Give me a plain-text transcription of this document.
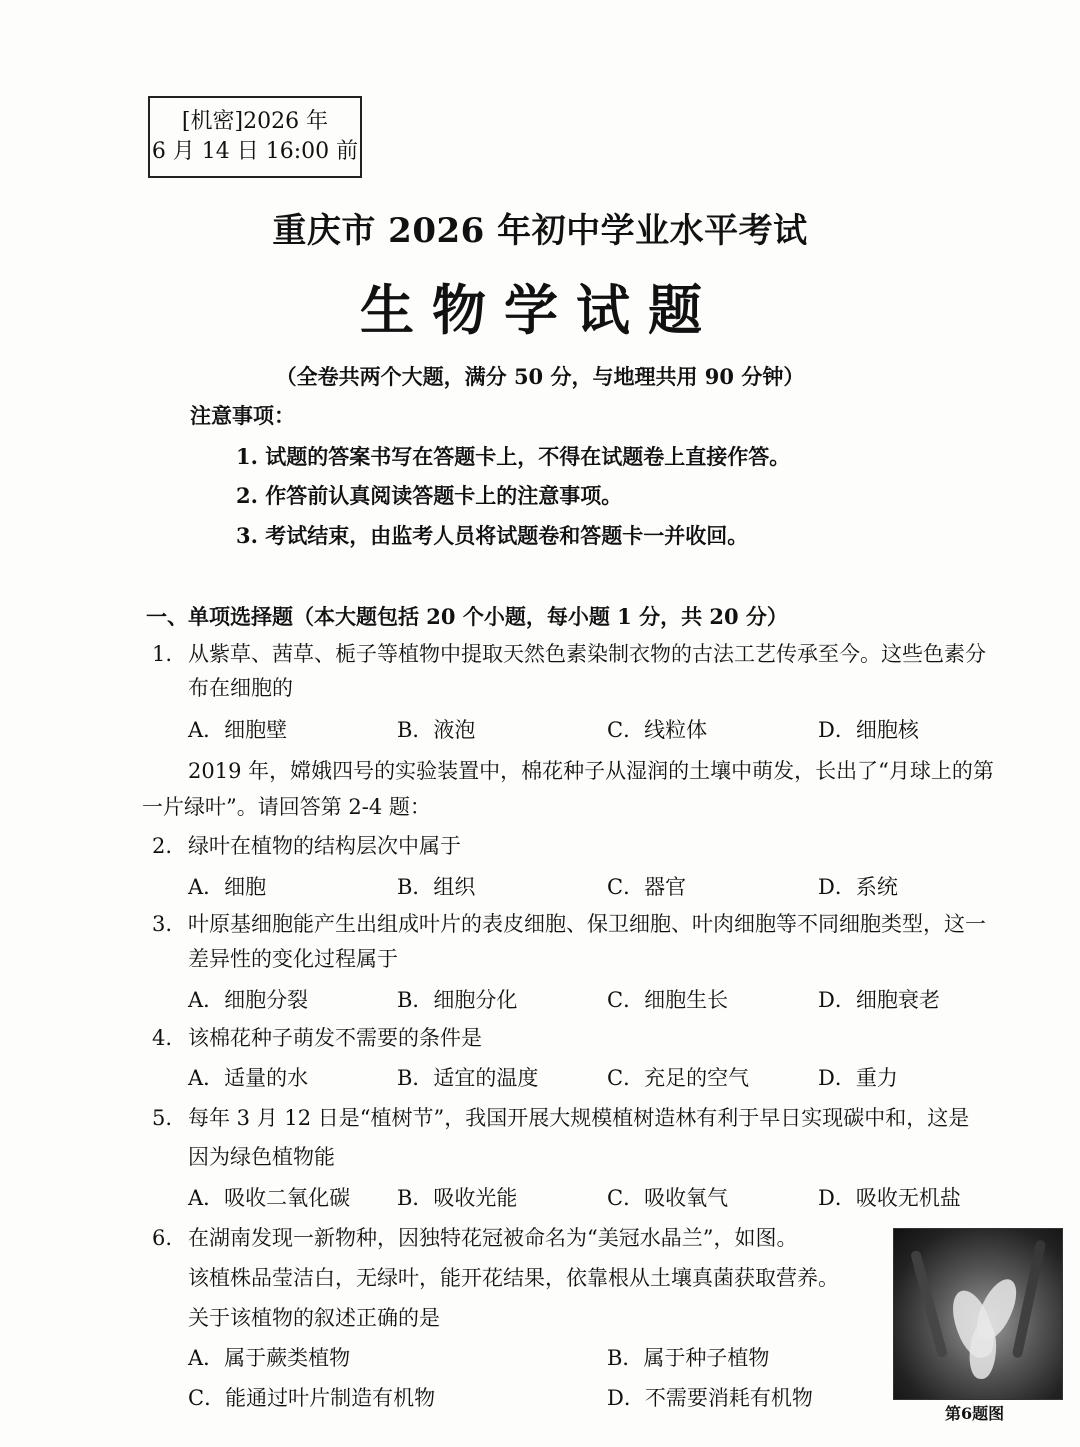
[机密]2026 年
6 月 14 日 16:00 前
重庆市 2026 年初中学业水平考试
生物学试题
（全卷共两个大题，满分 50 分，与地理共用 90 分钟）
注意事项：
1. 试题的答案书写在答题卡上，不得在试题卷上直接作答。
2. 作答前认真阅读答题卡上的注意事项。
3. 考试结束，由监考人员将试题卷和答题卡一并收回。
一、单项选择题（本大题包括 20 个小题，每小题 1 分，共 20 分）
1. 从紫草、茜草、栀子等植物中提取天然色素染制衣物的古法工艺传承至今。这些色素分
布在细胞的
A．细胞壁	B．液泡	C．线粒体	D．细胞核
2019 年，嫦娥四号的实验装置中，棉花种子从湿润的土壤中萌发，长出了“月球上的第
一片绿叶”。请回答第 2-4 题：
2. 绿叶在植物的结构层次中属于
A．细胞	B．组织	C．器官	D．系统
3. 叶原基细胞能产生出组成叶片的表皮细胞、保卫细胞、叶肉细胞等不同细胞类型，这一
差异性的变化过程属于
A．细胞分裂	B．细胞分化	C．细胞生长	D．细胞衰老
4. 该棉花种子萌发不需要的条件是
A．适量的水	B．适宜的温度	C．充足的空气	D．重力
5. 每年 3 月 12 日是“植树节”，我国开展大规模植树造林有利于早日实现碳中和，这是
因为绿色植物能
A．吸收二氧化碳 B．吸收光能	C．吸收氧气	D．吸收无机盐
6. 在湖南发现一新物种，因独特花冠被命名为“美冠水晶兰”，如图。
该植株品莹洁白，无绿叶，能开花结果，依靠根从土壤真菌获取营养。
关于该植物的叙述正确的是
A．属于蕨类植物	B．属于种子植物
C．能通过叶片制造有机物	D．不需要消耗有机物
第6题图
